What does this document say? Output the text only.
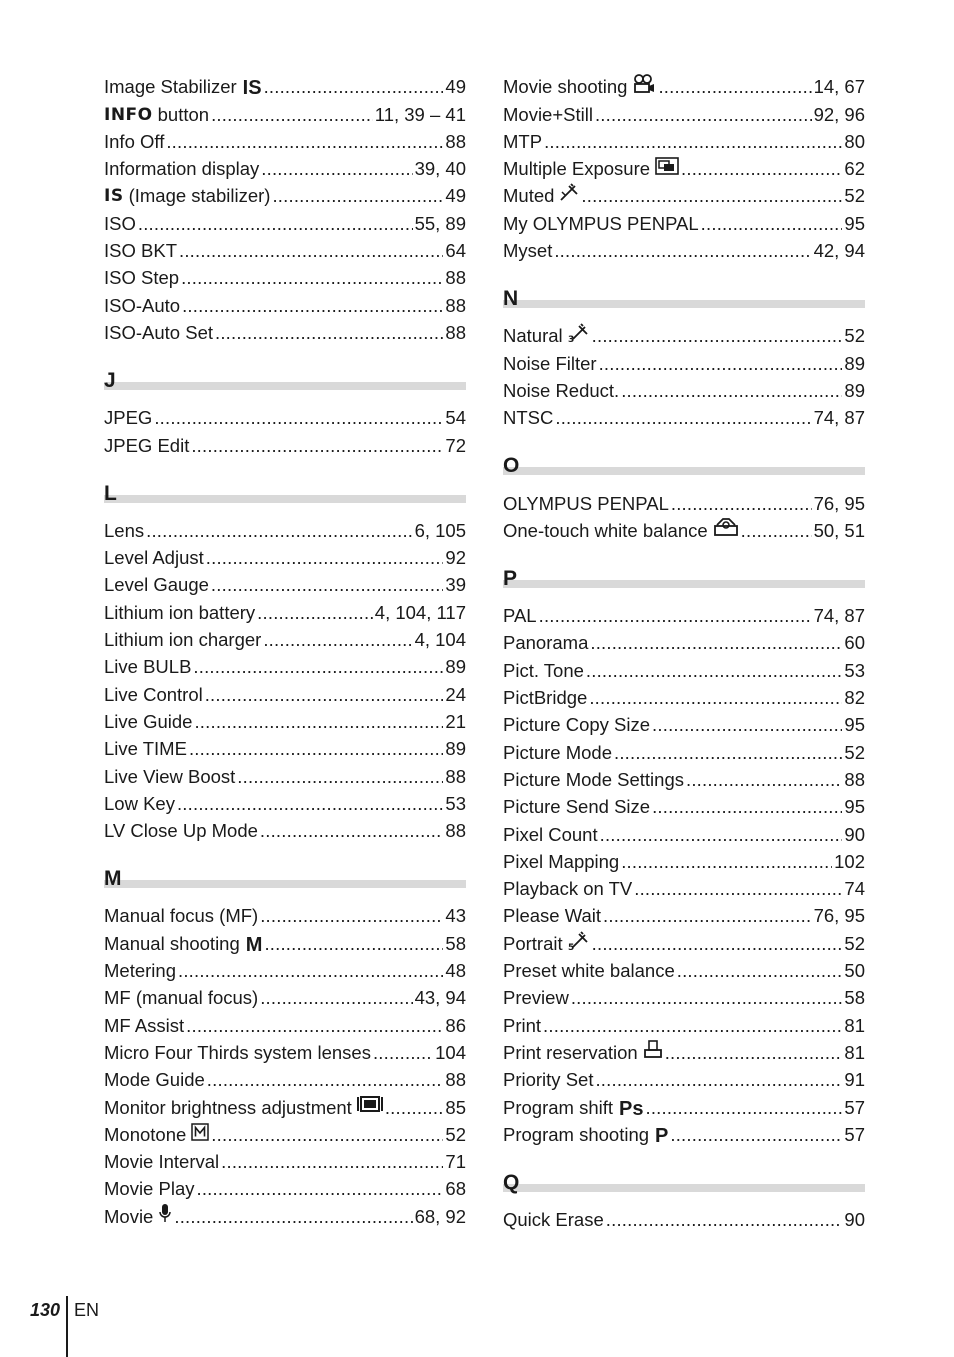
Image Stabilizer IS .....	49
INFO button .....	11, 39 – 41
Info Off .....	88
Information display .....	39, 40
IS (Image stabilizer) .....	49
ISO .....	55, 89
ISO BKT .....	64
ISO Step .....	88
ISO-Auto .....	88
ISO-Auto Set .....	88
J
JPEG .....	54
JPEG Edit .....	72
L
Lens .....	6, 105
Level Adjust .....	92
Level Gauge .....	39
Lithium ion battery .....	4, 104, 117
Lithium ion charger .....	4, 104
Live BULB .....	89
Live Control .....	24
Live Guide .....	21
Live TIME .....	89
Live View Boost .....	88
Low Key .....	53
LV Close Up Mode .....	88
M
Manual focus (MF) .....	43
Manual shooting M .....	58
Metering .....	48
MF (manual focus) .....	43, 94
MF Assist .....	86
Micro Four Thirds system lenses .....	104
Mode Guide .....	88
Monitor brightness adjustment .....	85
Monotone .....	52
Movie Interval .....	71
Movie Play .....	68
Movie .....	68, 92
Movie shooting .....	14, 67
Movie+Still .....	92, 96
MTP .....	80
Multiple Exposure .....	62
Muted .....	52
My OLYMPUS PENPAL .....	95
Myset .....	42, 94
N
Natural 3 .....	52
Noise Filter .....	89
Noise Reduct. .....	89
NTSC .....	74, 87
O
OLYMPUS PENPAL .....	76, 95
One-touch white balance .....	50, 51
P
PAL .....	74, 87
Panorama .....	60
Pict. Tone .....	53
PictBridge .....	82
Picture Copy Size .....	95
Picture Mode .....	52
Picture Mode Settings .....	88
Picture Send Size .....	95
Pixel Count .....	90
Pixel Mapping .....	102
Playback on TV .....	74
Please Wait .....	76, 95
Portrait 5 .....	52
Preset white balance .....	50
Preview .....	58
Print .....	81
Print reservation .....	81
Priority Set .....	91
Program shift Ps .....	57
Program shooting P .....	57
Q
Quick Erase .....	90
130 EN
